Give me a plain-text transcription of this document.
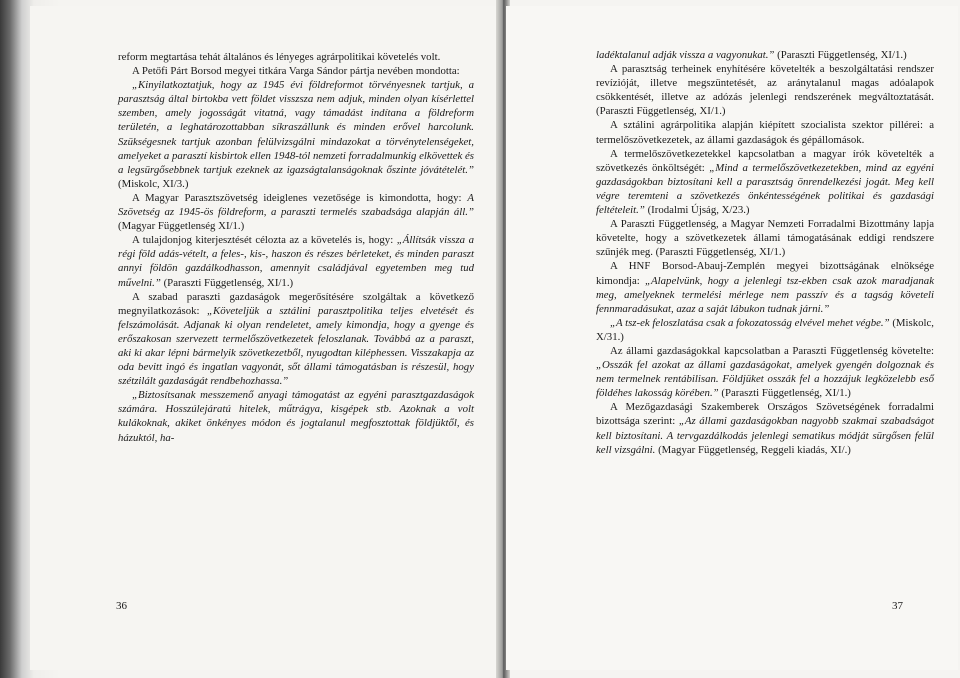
reform megtartása tehát általános és lényeges agrárpolitikai követelés volt.

A Petőfi Párt Borsod megyei titkára Varga Sándor pártja nevében mondotta:

„Kinyilatkoztatjuk, hogy az 1945 évi földreformot törvényesnek tartjuk, a parasztság által birtokba vett földet visszsza nem adjuk, minden olyan kísérlettel szemben, amely jogosságát vitatná, vagy támadást indítana a földreform területén, a leghatározottabban síkraszállunk és minden erővel harcolunk. Szükségesnek tartjuk azonban felülvizsgálni mindazokat a törvénytelenségeket, amelyeket a parasztí kisbirtok ellen 1948-tól nemzeti forradalmunkig elkövettek és a legsürgősebbnek tartjuk ezeknek az igazságtalanságoknak őszinte jóvátételét.” (Miskolc, XI/3.)

A Magyar Parasztszövetség ideiglenes vezetősége is kimondotta, hogy: A Szövetség az 1945-ös földreform, a paraszti termelés szabadsága alapján áll.” (Magyar Függetlenség XI/1.)

A tulajdonjog kiterjesztését célozta az a követelés is, hogy: „Állítsák vissza a régi föld adás-vételt, a feles-, kis-, haszon és részes bérleteket, és minden paraszt annyi földön gazdálkodhasson, amennyit családjával egyetemben meg tud művelni.” (Paraszti Függetlenség, XI/1.)

A szabad paraszti gazdaságok megerősítésére szolgáltak a következő megnyilatkozások: „Követeljük a sztálini parasztpolitika teljes elvetését és felszámolását. Adjanak ki olyan rendeletet, amely kimondja, hogy a gyenge és erőszakosan szervezett termelőszövetkezetek feloszlanak. Továbbá az a paraszt, aki ki akar lépni bármelyik szövetkezetből, nyugodtan kiléphessen. Visszakapja az oda bevitt ingó és ingatlan vagyonát, sőt állami támogatásban is részesül, hogy szétzilált gazdaságát rendbehozhassa.”

„Biztosítsanak messzemenő anyagi támogatást az egyéni parasztgazdaságok számára. Hosszúlejáratú hitelek, műtrágya, kisgépek stb. Azoknak a volt kulákoknak, akiket önkényes módon és jogtalanul megfosztottak földjüktől, és házuktól, ha-

36

ladéktalanul adják vissza a vagyonukat.” (Paraszti Függetlenség, XI/1.)

A parasztság terheinek enyhítésére követelték a beszolgáltatási rendszer revízióját, illetve megszüntetését, az aránytalanul magas adóalapok csökkentését, illetve az adózás jelenlegi rendszerének megváltoztatását. (Paraszti Függetlenség, XI/1.)

A sztálini agrárpolitika alapján kiépített szocialista szektor pillérei: a termelőszövetkezetek, az állami gazdaságok és gépállomások.

A termelőszövetkezetekkel kapcsolatban a magyar írók követelték a szövetkezés önköltségét: „Mind a termelőszövetkezetekben, mind az egyéni gazdaságokban biztosítani kell a parasztság önrendelkezési jogát. Meg kell végre teremteni a szövetkezés önkéntességének politikai és gazdasági feltételeit.” (Irodalmi Újság, X/23.)

A Paraszti Függetlenség, a Magyar Nemzeti Forradalmi Bizottmány lapja követelte, hogy a szövetkezetek állami támogatásának eddigi rendszere szűnjék meg. (Paraszti Függetlenség, XI/1.)

A HNF Borsod-Abauj-Zemplén megyei bizottságának elnöksége kimondja: „Alapelvünk, hogy a jelenlegi tsz-ekben csak azok maradjanak meg, amelyeknek termelési mérlege nem passzív és a tagság követeli fennmaradásukat, azaz a saját lábukon tudnak járni.”

„A tsz-ek feloszlatása csak a fokozatosság elvével mehet végbe.” (Miskolc, X/31.)

Az állami gazdaságokkal kapcsolatban a Paraszti Függetlenség követelte: „Osszák fel azokat az állami gazdaságokat, amelyek gyengén dolgoznak és nem termelnek rentábilisan. Földjüket osszák fel a hozzájuk legközelebb eső földéhes lakosság körében.” (Paraszti Függetlenség, XI/1.)

A Mezőgazdasági Szakemberek Országos Szövetségének forradalmi bizottsága szerint: „Az állami gazdaságokban nagyobb szakmai szabadságot kell biztosítani. A tervgazdálkodás jelenlegi sematikus módját sürgősen felül kell vizsgálni. (Magyar Függetlenség, Reggeli kiadás, XI/.)

37
